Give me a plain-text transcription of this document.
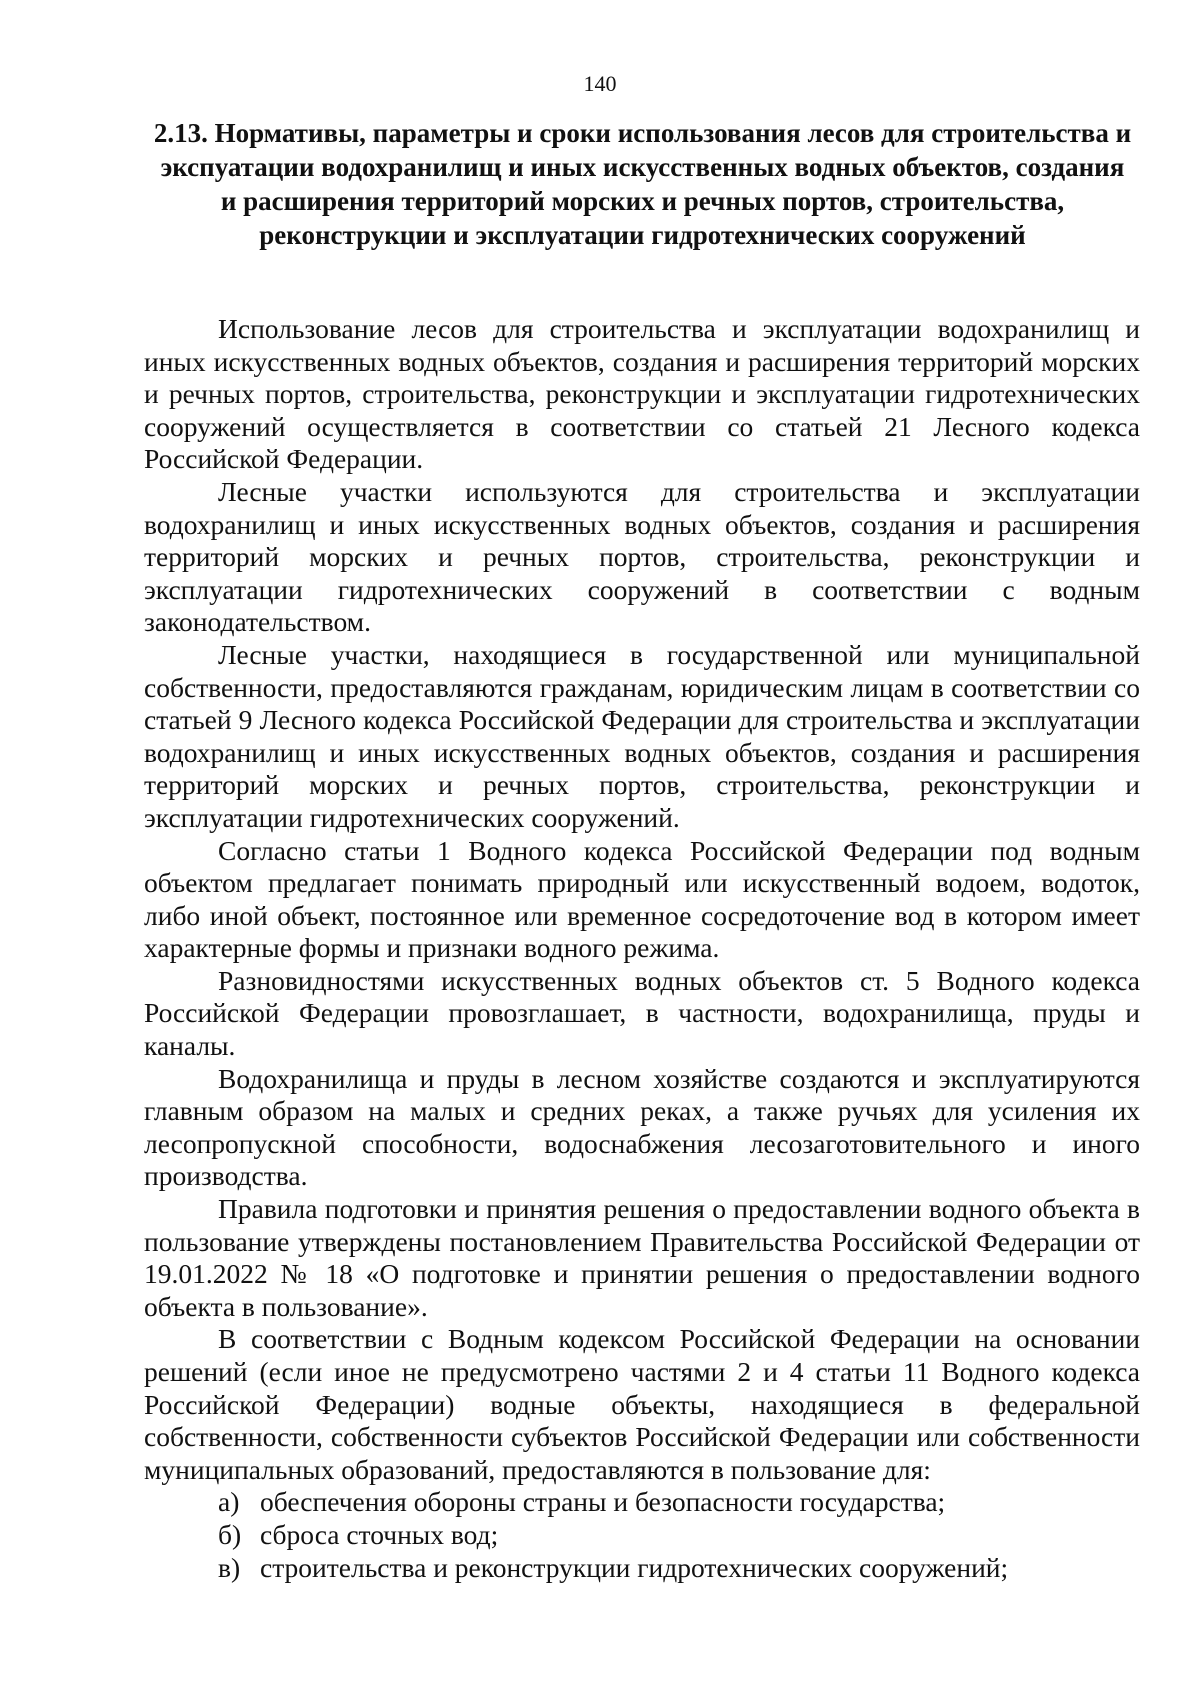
140
2.13. Нормативы, параметры и сроки использования лесов для строительства и экспуатации водохранилищ и иных искусственных водных объектов, создания и расширения территорий морских и речных портов, строительства, реконструкции и эксплуатации гидротехнических сооружений

Использование лесов для строительства и эксплуатации водохранилищ и иных искусственных водных объектов, создания и расширения территорий морских и речных портов, строительства, реконструкции и эксплуатации гидротехнических сооружений осуществляется в соответствии со статьей 21 Лесного кодекса Российской Федерации.

Лесные участки используются для строительства и эксплуатации водохранилищ и иных искусственных водных объектов, создания и расширения территорий морских и речных портов, строительства, реконструкции и эксплуатации гидротехнических сооружений в соответствии с водным законодательством.

Лесные участки, находящиеся в государственной или муниципальной собственности, предоставляются гражданам, юридическим лицам в соответствии со статьей 9 Лесного кодекса Российской Федерации для строительства и эксплуатации водохранилищ и иных искусственных водных объектов, создания и расширения территорий морских и речных портов, строительства, реконструкции и эксплуатации гидротехнических сооружений.

Согласно статьи 1 Водного кодекса Российской Федерации под водным объектом предлагает понимать природный или искусственный водоем, водоток, либо иной объект, постоянное или временное сосредоточение вод в котором имеет характерные формы и признаки водного режима.

Разновидностями искусственных водных объектов ст. 5 Водного кодекса Российской Федерации провозглашает, в частности, водохранилища, пруды и каналы.

Водохранилища и пруды в лесном хозяйстве создаются и эксплуатируются главным образом на малых и средних реках, а также ручьях для усиления их лесопропускной способности, водоснабжения лесозаготовительного и иного производства.

Правила подготовки и принятия решения о предоставлении водного объекта в пользование утверждены постановлением Правительства Российской Федерации от 19.01.2022 № 18 «О подготовке и принятии решения о предоставлении водного объекта в пользование».

В соответствии с Водным кодексом Российской Федерации на основании решений (если иное не предусмотрено частями 2 и 4 статьи 11 Водного кодекса Российской Федерации) водные объекты, находящиеся в федеральной собственности, собственности субъектов Российской Федерации или собственности муниципальных образований, предоставляются в пользование для:

а) обеспечения обороны страны и безопасности государства;
б) сброса сточных вод;
в) строительства и реконструкции гидротехнических сооружений;
